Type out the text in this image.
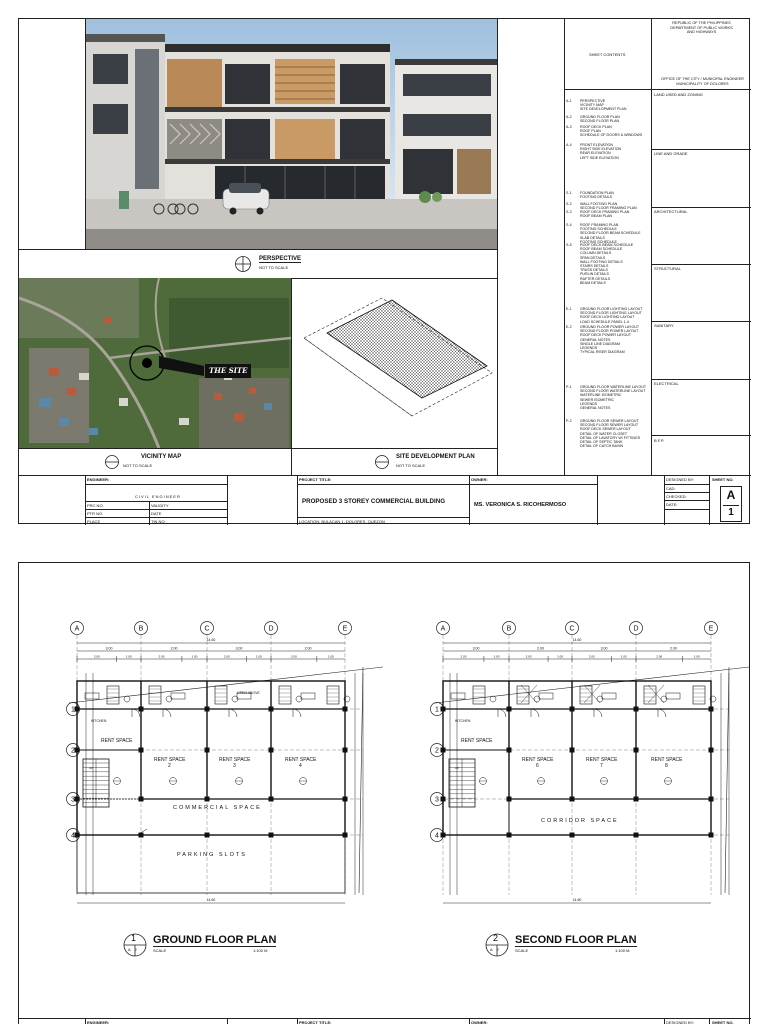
PERSPECTIVE
NOT TO SCALE
THE SITE
VICINITY MAP
NOT TO SCALE
SITE DEVELOPMENT PLAN
NOT TO SCALE
SHEET CONTENTS
REPUBLIC OF THE PHILIPPINES
DEPARTMENT OF PUBLIC WORKS
AND HIGHWAYS
OFFICE OF THE CITY / MUNICIPAL ENGINEER
MUNICIPALITY OF DOLORES
A-1 PERSPECTIVE
VICINITY MAP
SITE DEVELOPMENT PLAN
A-2 GROUND FLOOR PLAN
SECOND FLOOR PLAN
A-3 ROOF DECK PLAN
ROOF PLAN
SCHEDULE OF DOORS & WINDOWS
A-4 FRONT ELEVATION
RIGHT SIDE ELEVATION
REAR ELEVATION
LEFT SIDE ELEVATION
S-1 FOUNDATION PLAN
FOOTING DETAILS
S-2 WALL FOOTING PLAN
SECOND FLOOR FRAMING PLAN
S-3 ROOF DECK FRAMING PLAN
ROOF BEAM PLAN
S-4 ROOF FRAMING PLAN
FOOTING SCHEDULE
SECOND FLOOR BEAM SCHEDULE
SLAB DETAILS
FOOTING SCHEDULE
S-5 ROOF DECK BEAM SCHEDULE
ROOF BEAM SCHEDULE
COLUMN DETAILS
SPAN DETAILS
WALL FOOTING DETAILS
STAIRS DETAILS
TRUSS DETAILS
PURLIN DETAILS
RAFTER DETAILS
BEAM DETAILS
E-1 GROUND FLOOR LIGHTING LAYOUT
SECOND FLOOR LIGHTING LAYOUT
ROOF DECK LIGHTING LAYOUT
LOAD SCHEDULE PANEL 1-4
E-2 GROUND FLOOR POWER LAYOUT
SECOND FLOOR POWER LAYOUT
ROOF DECK POWER LAYOUT
GENERAL NOTES
SINGLE LINE DIAGRAM
LEGENDS
TYPICAL RISER DIAGRAM
P-1 GROUND FLOOR WATERLINE LAYOUT
SECOND FLOOR WATERLINE LAYOUT
WATERLINE ISOMETRIC
SEWER ISOMETRIC
LEGENDS
GENERAL NOTES
P-2 GROUND FLOOR SEWER LAYOUT
SECOND FLOOR SEWER LAYOUT
ROOF DECK SEWER LAYOUT
DETAIL OF WATER CLOSET
DETAIL OF LAVATORY W/ FITTINGS
DETAIL OF SEPTIC TANK
DETAIL OF CATCH BASIN
LAND USED AND ZONING
LINE AND GRADE
ARCHITECTURAL
STRUCTURAL
SANITARY
ELECTRICAL
B.F.P.
ENGINEER:
CIVIL ENGINEER
PRC NO.	VALIDITY
PTR NO.	DATE
PLACE	TIN NO.
PROJECT TITLE:
PROPOSED 3 STOREY COMMERCIAL BUILDING
LOCATION: BULACAN 1, DOLORES, QUEZON
OWNER:
MS. VERONICA S. RICOHERMOSO
DESIGNED BY:
CAD:
CHECKED:
DATE:
SHEET NO.
A
1
A	B	C	D	E
1
2
3
4
14.60
3.00	2.00	3.00	2.00
2.00	1.00	2.00	1.00	2.00	1.00	2.00	1.00
14.60
UP
A	B	C	D	E
1
2
3
4
14.60
3.00	2.00	3.00	2.00
2.00	1.00	2.00	1.00	2.00	1.00	2.00	1.00
14.60
UP
RENT SPACE
RENT SPACE
2
RENT SPACE
3
RENT SPACE
4
COMMERCIAL SPACE
PARKING SLOTS
KITCHEN
OPEN ABOVE
RENT SPACE
RENT SPACE
6
RENT SPACE
7
RENT SPACE
8
CORRIDOR SPACE
KITCHEN
1
A 2
GROUND FLOOR PLAN
SCALE	1:100 M
2
A 2
SECOND FLOOR PLAN
SCALE	1:100 M
ENGINEER:	PROJECT TITLE:	OWNER:	DESIGNED BY:	SHEET NO.
